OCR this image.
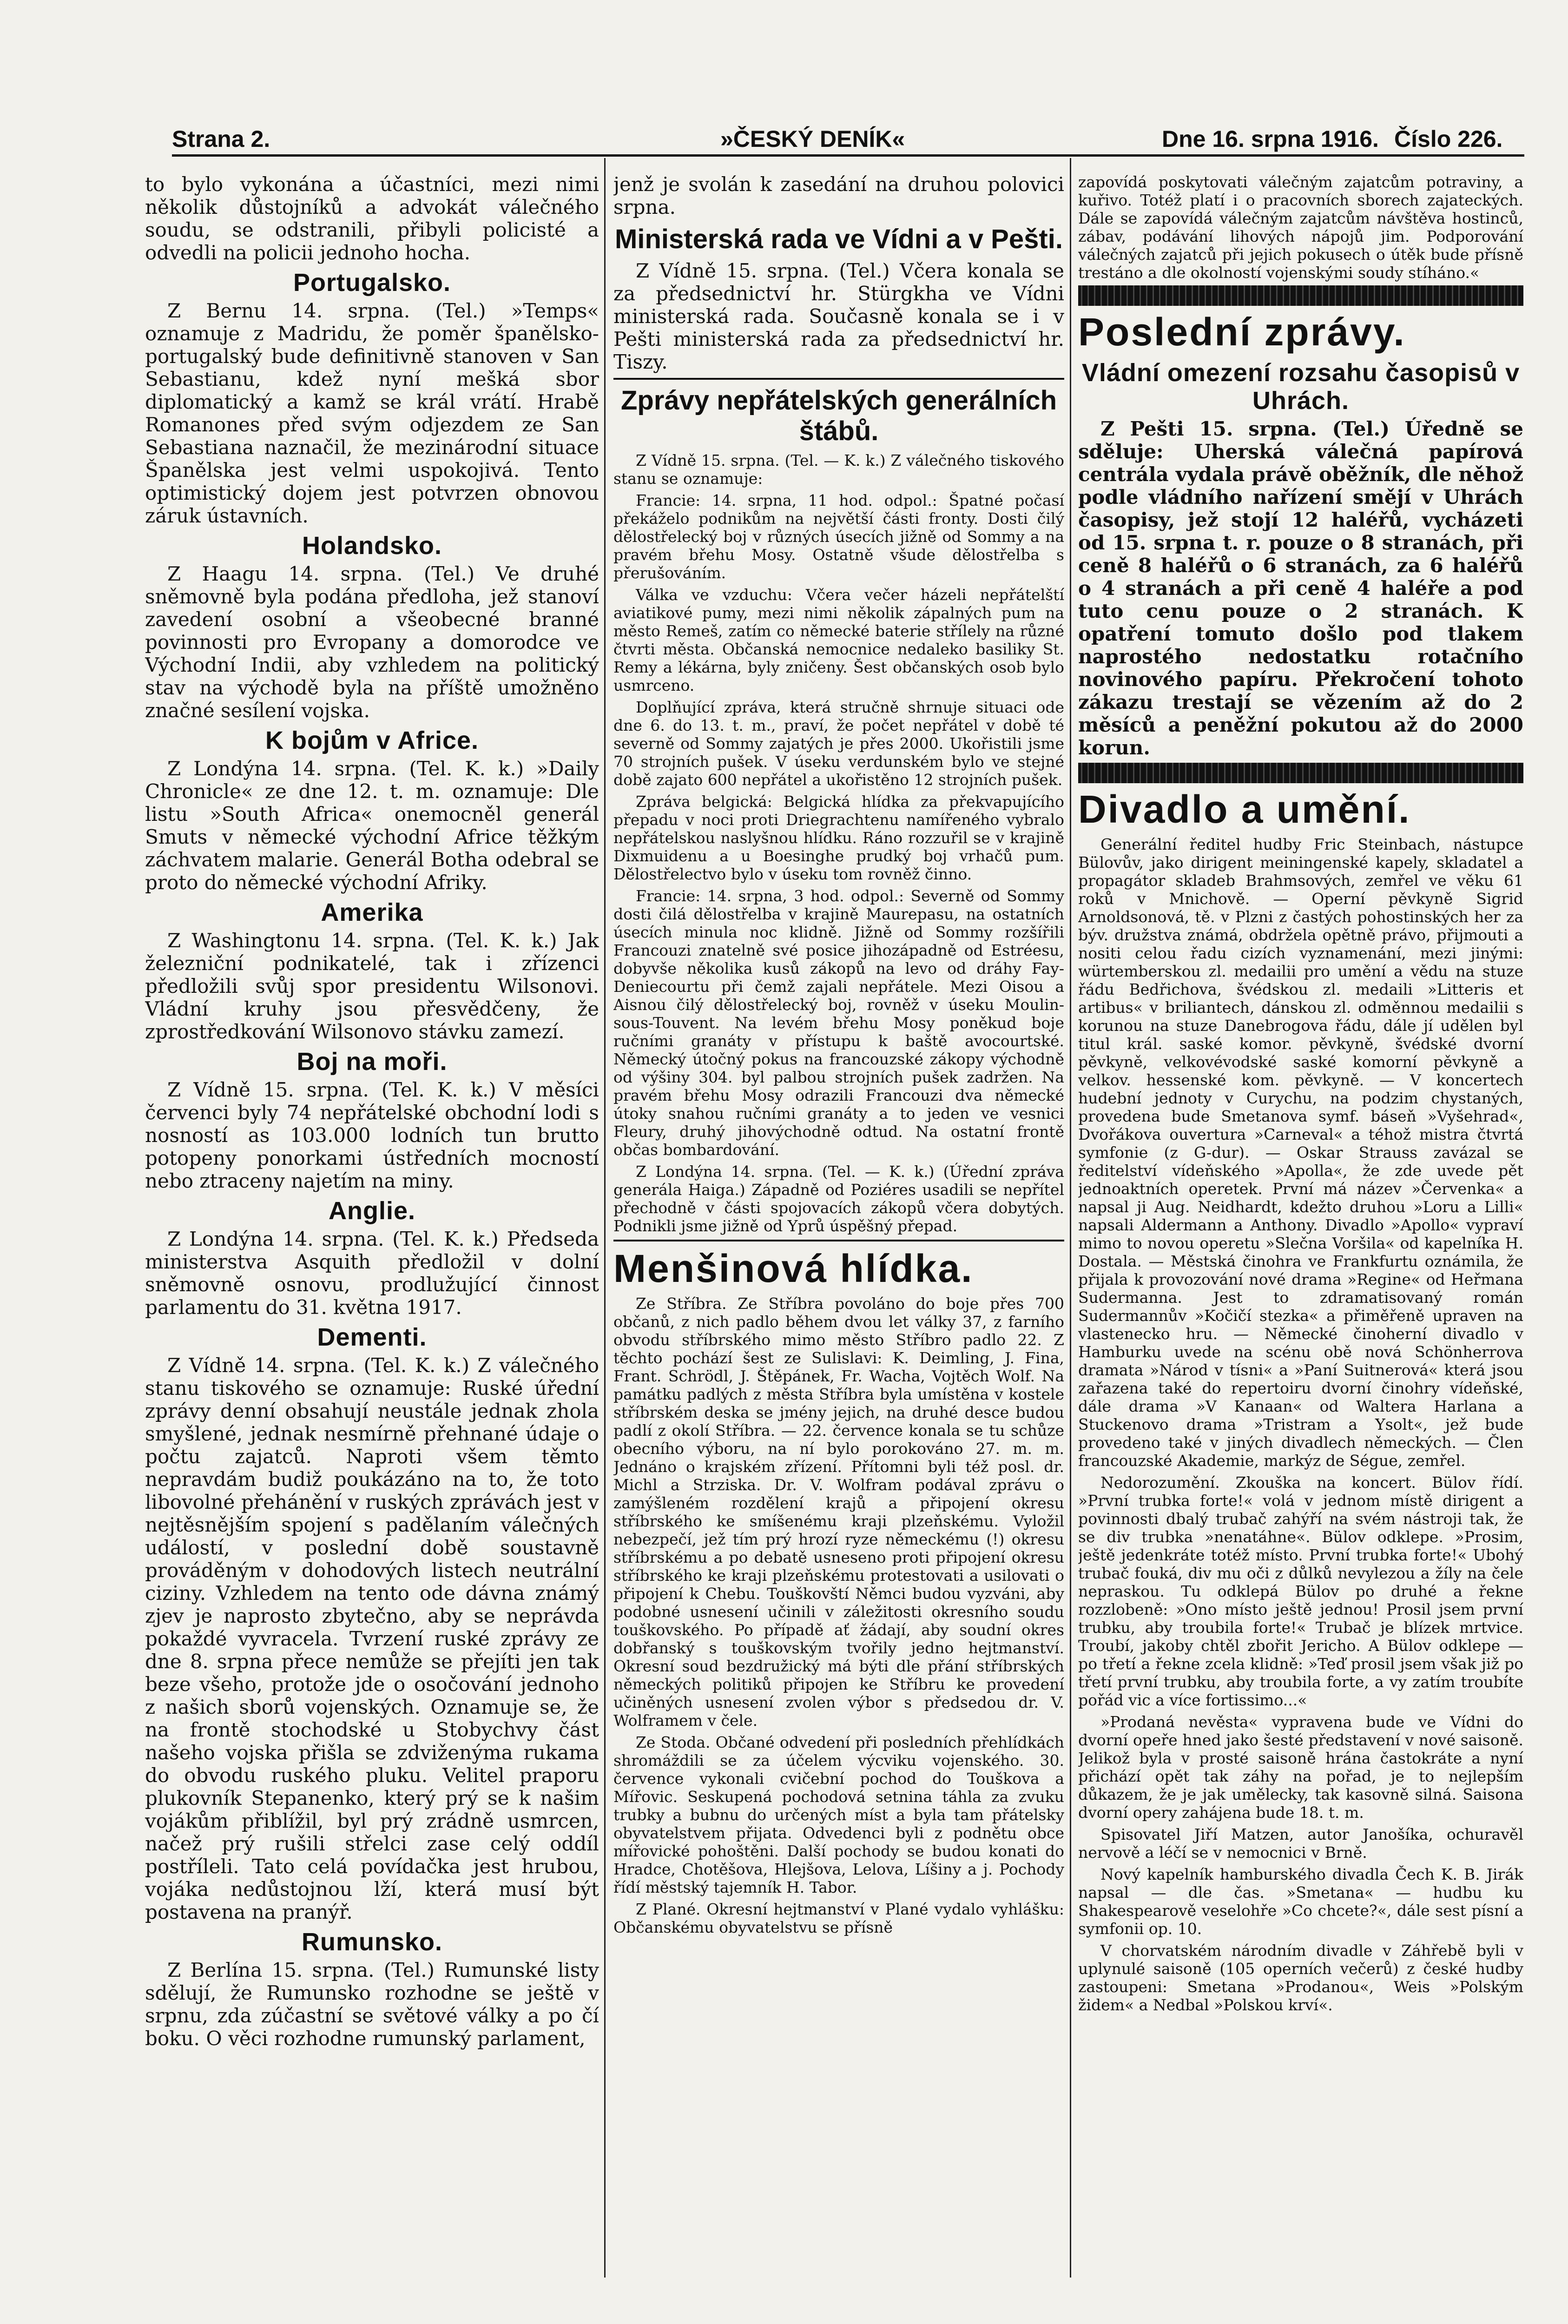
Strana 2.	»ČESKÝ DENÍK«	Dne 16. srpna 1916. Číslo 226.

to bylo vykonána a účastníci, mezi nimi několik důstojníků a advokát válečného soudu, se odstranili, přibyli policisté a odvedli na policii jednoho hocha.

Portugalsko.

Z Bernu 14. srpna. (Tel.) »Temps« oznamuje z Madridu, že poměr španělsko-portugalský bude definitivně stanoven v San Sebastianu, kdež nyní mešká sbor diplomatický a kamž se král vrátí. Hrabě Romanones před svým odjezdem ze San Sebastiana naznačil, že mezinárodní situace Španělska jest velmi uspokojivá. Tento optimistický dojem jest potvrzen obnovou záruk ústavních.

Holandsko.

Z Haagu 14. srpna. (Tel.) Ve druhé sněmovně byla podána předloha, jež stanoví zavedení osobní a všeobecné branné povinnosti pro Evropany a domorodce ve Východní Indii, aby vzhledem na politický stav na východě byla na příště umožněno značné sesílení vojska.

K bojům v Africe.

Z Londýna 14. srpna. (Tel. K. k.) »Daily Chronicle« ze dne 12. t. m. oznamuje: Dle listu »South Africa« onemocněl generál Smuts v německé východní Africe těžkým záchvatem malarie. Generál Botha odebral se proto do německé východní Afriky.

Amerika

Z Washingtonu 14. srpna. (Tel. K. k.) Jak železniční podnikatelé, tak i zřízenci předložili svůj spor presidentu Wilsonovi. Vládní kruhy jsou přesvědčeny, že zprostředkování Wilsonovo stávku zamezí.

Boj na moři.

Z Vídně 15. srpna. (Tel. K. k.) V měsíci červenci byly 74 nepřátelské obchodní lodi s nosností as 103.000 lodních tun brutto potopeny ponorkami ústředních mocností nebo ztraceny najetím na miny.

Anglie.

Z Londýna 14. srpna. (Tel. K. k.) Předseda ministerstva Asquith předložil v dolní sněmovně osnovu, prodlužující činnost parlamentu do 31. května 1917.

Dementi.

Z Vídně 14. srpna. (Tel. K. k.) Z válečného stanu tiskového se oznamuje: Ruské úřední zprávy denní obsahují neustále jednak zhola smyšlené, jednak nesmírně přehnané údaje o počtu zajatců. Naproti všem těmto nepravdám budiž poukázáno na to, že toto libovolné přehánění v ruských zprávách jest v nejtěsnějším spojení s padělaním válečných událostí, v poslední době soustavně prováděným v dohodových listech neutrální ciziny. Vzhledem na tento ode dávna známý zjev je naprosto zbytečno, aby se neprávda pokaždé vyvracela. Tvrzení ruské zprávy ze dne 8. srpna přece nemůže se přejíti jen tak beze všeho, protože jde o osočování jednoho z našich sborů vojenských. Oznamuje se, že na frontě stochodské u Stobychvy část našeho vojska přišla se zdviženýma rukama do obvodu ruského pluku. Velitel praporu plukovník Stepanenko, který prý se k našim vojákům přiblížil, byl prý zrádně usmrcen, načež prý rušili střelci zase celý oddíl postříleli. Tato celá povídačka jest hrubou, vojáka nedůstojnou lží, která musí být postavena na pranýř.

Rumunsko.

Z Berlína 15. srpna. (Tel.) Rumunské listy sdělují, že Rumunsko rozhodne se ještě v srpnu, zda zúčastní se světové války a po čí boku. O věci rozhodne rumunský parlament,

jenž je svolán k zasedání na druhou polovici srpna.

Ministerská rada ve Vídni a v Pešti.

Z Vídně 15. srpna. (Tel.) Včera konala se za předsednictví hr. Stürgkha ve Vídni ministerská rada. Současně konala se i v Pešti ministerská rada za předsednictví hr. Tiszy.

Zprávy nepřátelských generálních štábů.

Z Vídně 15. srpna. (Tel. — K. k.) Z válečného tiskového stanu se oznamuje:

Francie: 14. srpna, 11 hod. odpol.: Špatné počasí překáželo podnikům na největší části fronty. Dosti čilý dělostřelecký boj v různých úsecích jižně od Sommy a na pravém břehu Mosy. Ostatně všude dělostřelba s přerušováním.

Válka ve vzduchu: Včera večer házeli nepřátelští aviatikové pumy, mezi nimi několik zápalných pum na město Remeš, zatím co německé baterie střílely na různé čtvrti města. Občanská nemocnice nedaleko basiliky St. Remy a lékárna, byly zničeny. Šest občanských osob bylo usmrceno.

Doplňující zpráva, která stručně shrnuje situaci ode dne 6. do 13. t. m., praví, že počet nepřátel v době té severně od Sommy zajatých je přes 2000. Ukořistili jsme 70 strojních pušek. V úseku verdunském bylo ve stejné době zajato 600 nepřátel a ukořistěno 12 strojních pušek.

Zpráva belgická: Belgická hlídka za překvapujícího přepadu v noci proti Driegrachtenu namířeného vybralo nepřátelskou naslyšnou hlídku. Ráno rozzuřil se v krajině Dixmuidenu a u Boesinghe prudký boj vrhačů pum. Dělostřelectvo bylo v úseku tom rovněž činno.

Francie: 14. srpna, 3 hod. odpol.: Severně od Sommy dosti čilá dělostřelba v krajině Maurepasu, na ostatních úsecích minula noc klidně. Jižně od Sommy rozšířili Francouzi znatelně své posice jihozápadně od Estréesu, dobyvše několika kusů zákopů na levo od dráhy Fay-Deniecourtu při čemž zajali nepřátele. Mezi Oisou a Aisnou čilý dělostřelecký boj, rovněž v úseku Moulin-sous-Touvent. Na levém břehu Mosy poněkud boje ručními granáty v přístupu k baště avocourtské. Německý útočný pokus na francouzské zákopy východně od výšiny 304. byl palbou strojních pušek zadržen. Na pravém břehu Mosy odrazili Francouzi dva německé útoky snahou ručními granáty a to jeden ve vesnici Fleury, druhý jihovýchodně odtud. Na ostatní frontě občas bombardování.

Z Londýna 14. srpna. (Tel. — K. k.) (Úřední zpráva generála Haiga.) Západně od Poziéres usadili se nepřítel přechodně v části spojovacích zákopů včera dobytých. Podnikli jsme jižně od Yprů úspěšný přepad.

Menšinová hlídka.

Ze Stříbra. Ze Stříbra povoláno do boje přes 700 občanů, z nich padlo během dvou let války 37, z farního obvodu stříbrského mimo město Stříbro padlo 22. Z těchto pochází šest ze Sulislavi: K. Deimling, J. Fina, Frant. Schrödl, J. Štěpánek, Fr. Wacha, Vojtěch Wolf. Na památku padlých z města Stříbra byla umístěna v kostele stříbrském deska se jmény jejich, na druhé desce budou padlí z okolí Stříbra. — 22. července konala se tu schůze obecního výboru, na ní bylo porokováno 27. m. m. Jednáno o krajském zřízení. Přítomni byli též posl. dr. Michl a Strziska. Dr. V. Wolfram podával zprávu o zamýšleném rozdělení krajů a připojení okresu stříbrského ke smíšenému kraji plzeňskému. Vyložil nebezpečí, jež tím prý hrozí ryze německému (!) okresu stříbrskému a po debatě usneseno proti připojení okresu stříbrského ke kraji plzeňskému protestovati a usilovati o připojení k Chebu. Touškovští Němci budou vyzváni, aby podobné usnesení učinili v záležitosti okresního soudu touškovského. Po případě ať žádají, aby soudní okres dobřanský s touškovským tvořily jedno hejtmanství. Okresní soud bezdružický má býti dle přání stříbrských německých politiků připojen ke Stříbru ke provedení učiněných usnesení zvolen výbor s předsedou dr. V. Wolframem v čele.

Ze Stoda. Občané odvedení při posledních přehlídkách shromáždili se za účelem výcviku vojenského. 30. července vykonali cvičební pochod do Touškova a Mířovic. Seskupená pochodová setnina táhla za zvuku trubky a bubnu do určených míst a byla tam přátelsky obyvatelstvem přijata. Odvedenci byli z podnětu obce mířovické pohoštěni. Další pochody se budou konati do Hradce, Chotěšova, Hlejšova, Lelova, Líšiny a j. Pochody řídí městský tajemník H. Tabor.

Z Plané. Okresní hejtmanství v Plané vydalo vyhlášku: Občanskému obyvatelstvu se přísně

zapovídá poskytovati válečným zajatcům potraviny, a kuřivo. Totéž platí i o pracovních sborech zajateckých. Dále se zapovídá válečným zajatcům návštěva hostinců, zábav, podávání lihových nápojů jim. Podporování válečných zajatců při jejich pokusech o útěk bude přísně trestáno a dle okolností vojenskými soudy stíháno.«

Poslední zprávy.
Vládní omezení rozsahu časopisů v Uhrách.

Z Pešti 15. srpna. (Tel.) Úředně se sděluje: Uherská válečná papírová centrála vydala právě oběžník, dle něhož podle vládního nařízení smějí v Uhrách časopisy, jež stojí 12 haléřů, vycházeti od 15. srpna t. r. pouze o 8 stranách, při ceně 8 haléřů o 6 stranách, za 6 haléřů o 4 stranách a při ceně 4 haléře a pod tuto cenu pouze o 2 stranách. K opatření tomuto došlo pod tlakem naprostého nedostatku rotačního novinového papíru. Překročení tohoto zákazu trestají se vězením až do 2 měsíců a peněžní pokutou až do 2000 korun.

Divadlo a umění.

Generální ředitel hudby Fric Steinbach, nástupce Bülovův, jako dirigent meiningenské kapely, skladatel a propagátor skladeb Brahmsových, zemřel ve věku 61 roků v Mnichově. — Operní pěvkyně Sigrid Arnoldsonová, tě. v Plzni z častých pohostinských her za býv. družstva známá, obdržela opětně právo, přijmouti a nositi celou řadu cizích vyznamenání, mezi jinými: würtemberskou zl. medailii pro umění a vědu na stuze řádu Bedřichova, švédskou zl. medaili »Litteris et artibus« v briliantech, dánskou zl. odměnnou medailii s korunou na stuze Danebrogova řádu, dále jí udělen byl titul král. saské komor. pěvkyně, švédské dvorní pěvkyně, velkovévodské saské komorní pěvkyně a velkov. hessenské kom. pěvkyně. — V koncertech hudební jednoty v Curychu, na podzim chystaných, provedena bude Smetanova symf. báseň »Vyšehrad«, Dvořákova ouvertura »Carneval« a téhož mistra čtvrtá symfonie (z G-dur). — Oskar Strauss zavázal se ředitelství vídeňského »Apolla«, že zde uvede pět jednoaktních operetek. První má název »Červenka« a napsal ji Aug. Neidhardt, kdežto druhou »Loru a Lilli« napsali Aldermann a Anthony. Divadlo »Apollo« vypraví mimo to novou operetu »Slečna Voršila« od kapelníka H. Dostala. — Městská činohra ve Frankfurtu oznámila, že přijala k provozování nové drama »Regine« od Heřmana Sudermanna. Jest to zdramatisovaný román Sudermannův »Kočičí stezka« a přiměřeně upraven na vlastenecko hru. — Německé činoherní divadlo v Hamburku uvede na scénu obě nová Schönherrova dramata »Národ v tísni« a »Paní Suitnerová« která jsou zařazena také do repertoiru dvorní činohry vídeňské, dále drama »V Kanaan« od Waltera Harlana a Stuckenovo drama »Tristram a Ysolt«, jež bude provedeno také v jiných divadlech německých. — Člen francouzské Akademie, markýz de Ségue, zemřel.

Nedorozumění. Zkouška na koncert. Bülov řídí. »První trubka forte!« volá v jednom místě dirigent a povinnosti dbalý trubač zahýří na svém nástroji tak, že se div trubka »nenatáhne«. Bülov odklepe. »Prosim, ještě jedenkráte totéž místo. První trubka forte!« Ubohý trubač fouká, div mu oči z důlků nevylezou a žíly na čele nepraskou. Tu odklepá Bülov po druhé a řekne rozzlobeně: »Ono místo ještě jednou! Prosil jsem první trubku, aby troubila forte!« Trubač je blízek mrtvice. Troubí, jakoby chtěl zbořit Jericho. A Bülov odklepe — po třetí a řekne zcela klidně: »Teď prosil jsem však již po třetí první trubku, aby troubila forte, a vy zatím troubíte pořád vic a více fortissimo...«

»Prodaná nevěsta« vypravena bude ve Vídni do dvorní opeře hned jako šesté představení v nové saisoně. Jelikož byla v prosté saisoně hrána častokráte a nyní přichází opět tak záhy na pořad, je to nejlepším důkazem, že je jak umělecky, tak kasovně silná. Saisona dvorní opery zahájena bude 18. t. m.

Spisovatel Jiří Matzen, autor Janošíka, ochuravěl nervově a léčí se v nemocnici v Brně.

Nový kapelník hamburského divadla Čech K. B. Jirák napsal — dle čas. »Smetana« — hudbu ku Shakespearově veselohře »Co chcete?«, dále sest písní a symfonii op. 10.

V chorvatském národním divadle v Záhřebě byli v uplynulé saisoně (105 operních večerů) z české hudby zastoupeni: Smetana »Prodanou«, Weis »Polským židem« a Nedbal »Polskou krví«.
